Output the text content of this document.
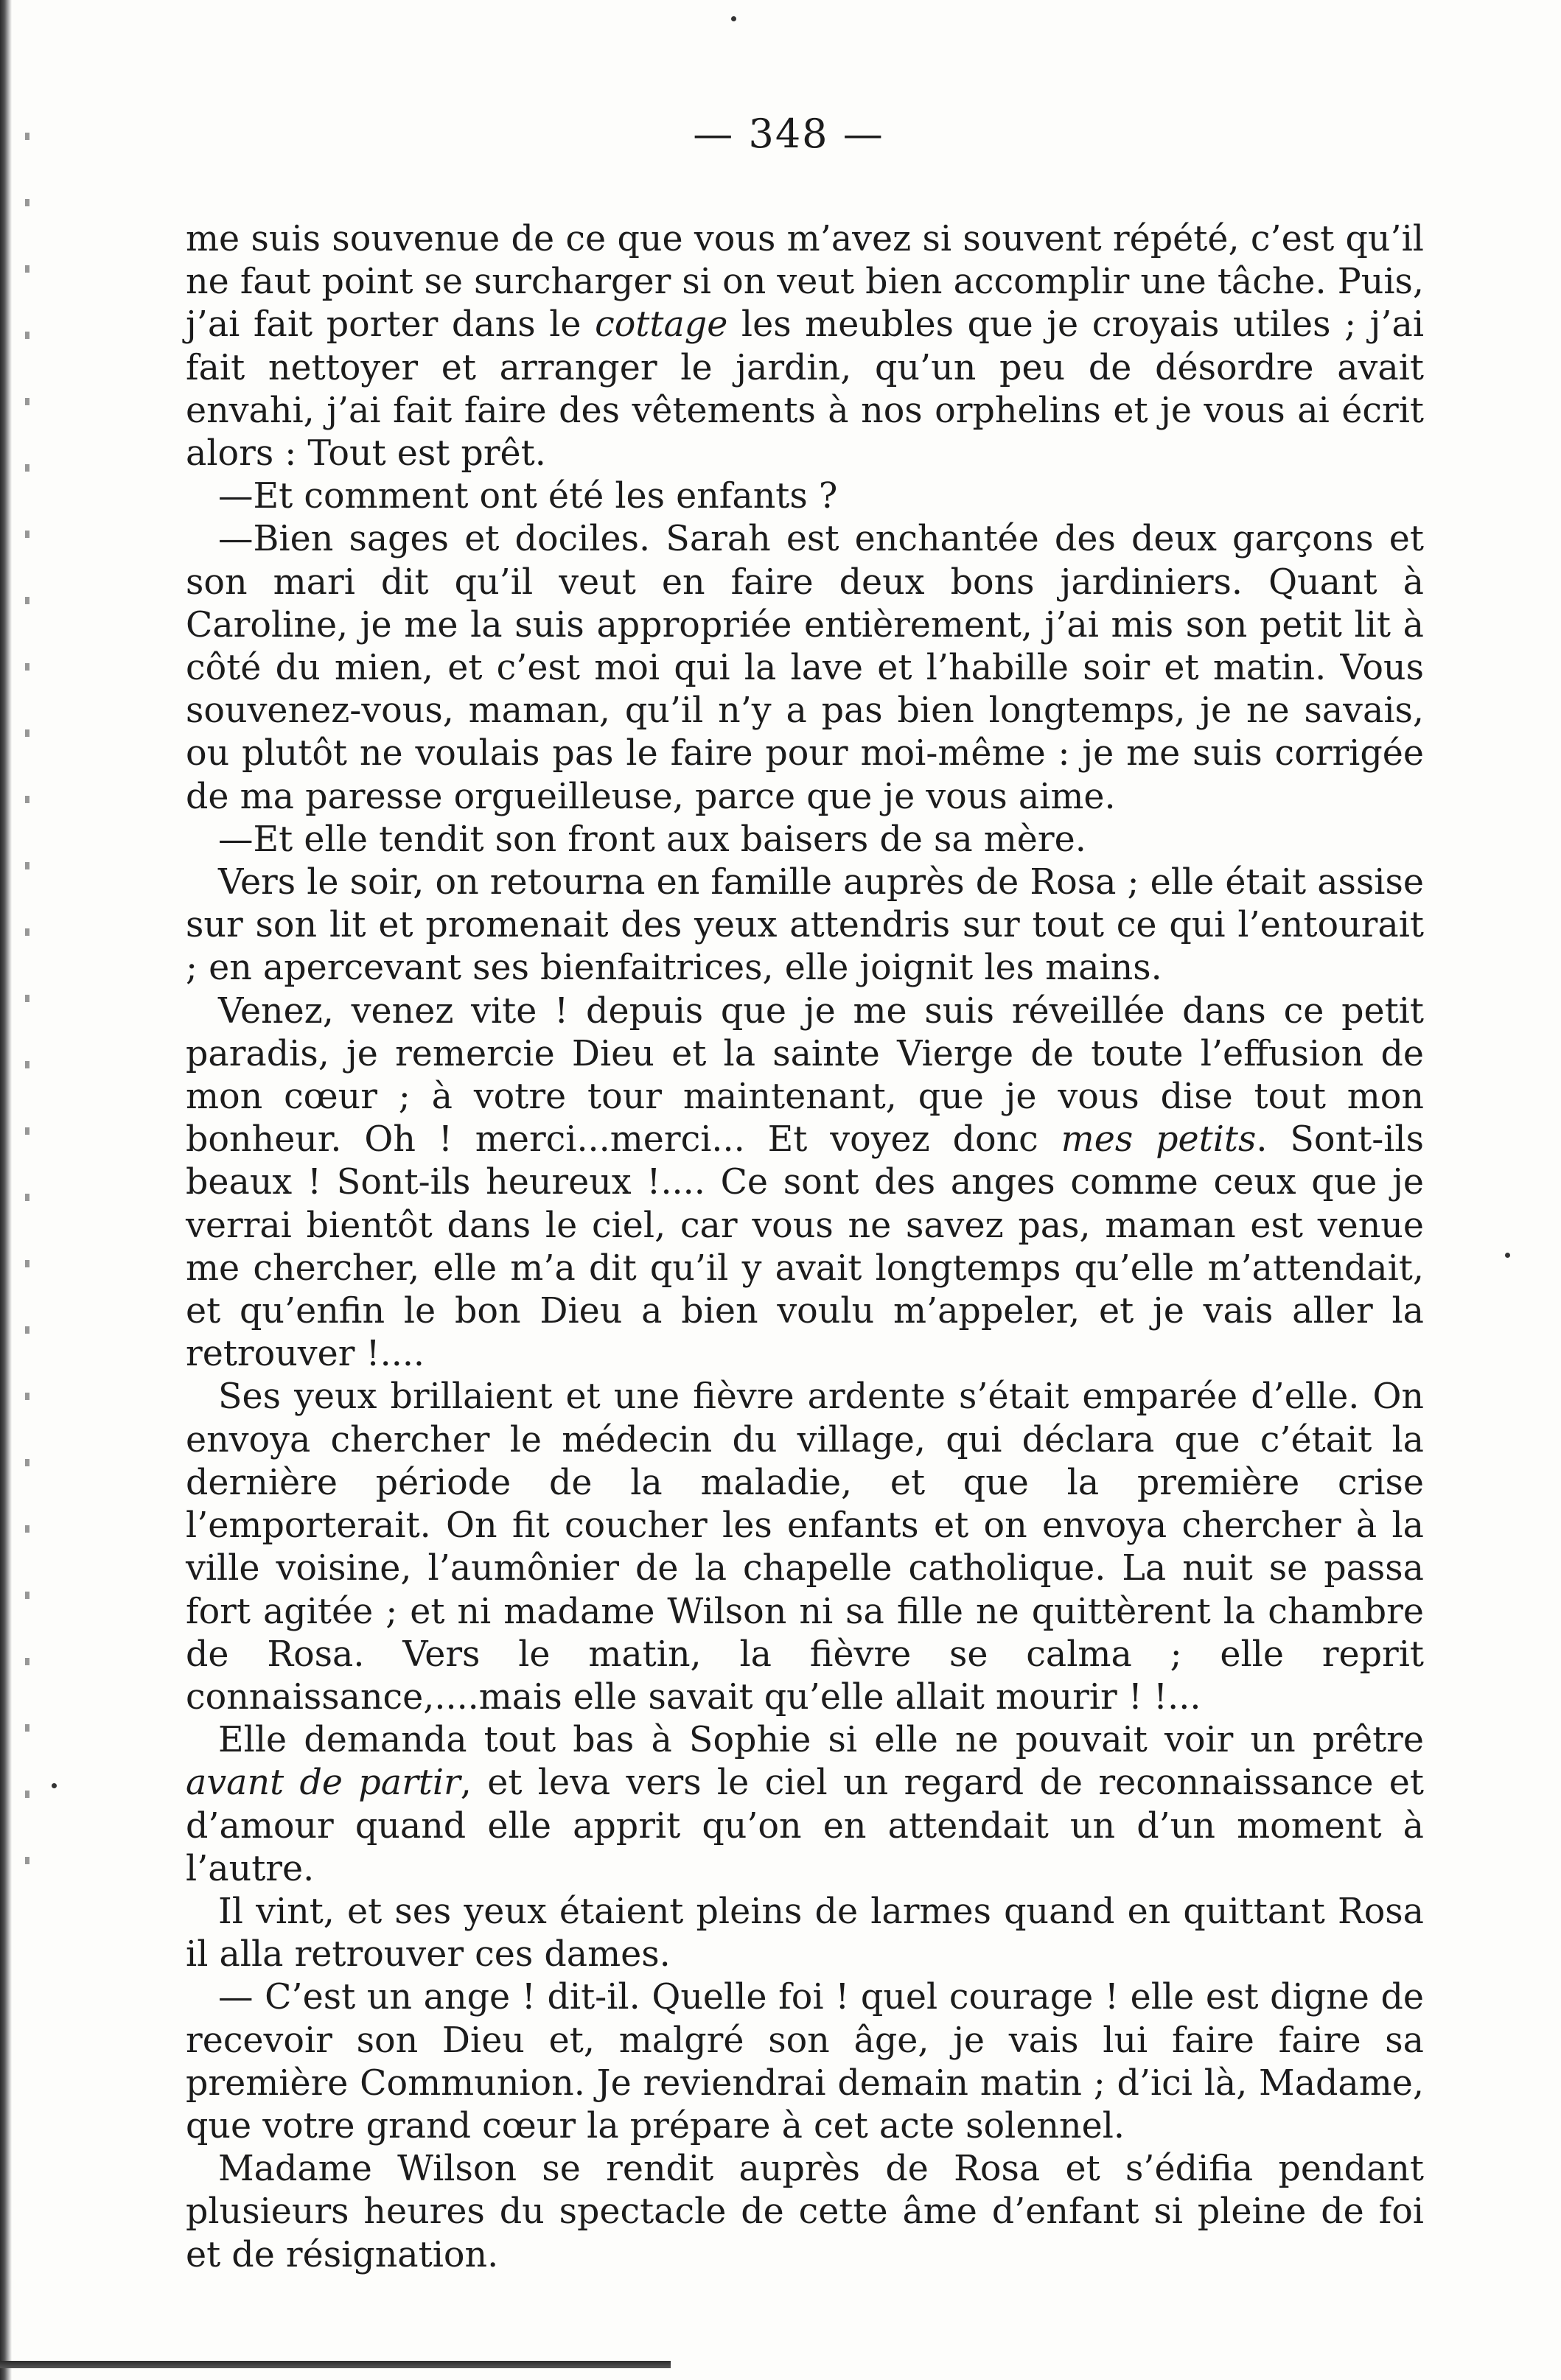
— 348 —

me suis souvenue de ce que vous m’avez si souvent répété, c’est qu’il ne faut point se surcharger si on veut bien accomplir une tâche. Puis, j’ai fait porter dans le cottage les meubles que je croyais utiles ; j’ai fait nettoyer et arranger le jardin, qu’un peu de désordre avait envahi, j’ai fait faire des vêtements à nos orphelins et je vous ai écrit alors : Tout est prêt.

—Et comment ont été les enfants ?

—Bien sages et dociles. Sarah est enchantée des deux garçons et son mari dit qu’il veut en faire deux bons jardiniers. Quant à Caroline, je me la suis appropriée entièrement, j’ai mis son petit lit à côté du mien, et c’est moi qui la lave et l’habille soir et matin. Vous souvenez-vous, maman, qu’il n’y a pas bien longtemps, je ne savais, ou plutôt ne voulais pas le faire pour moi-même : je me suis corrigée de ma paresse orgueilleuse, parce que je vous aime.

—Et elle tendit son front aux baisers de sa mère.

Vers le soir, on retourna en famille auprès de Rosa ; elle était assise sur son lit et promenait des yeux attendris sur tout ce qui l’entourait ; en apercevant ses bienfaitrices, elle joignit les mains.

Venez, venez vite ! depuis que je me suis réveillée dans ce petit paradis, je remercie Dieu et la sainte Vierge de toute l’effusion de mon cœur ; à votre tour maintenant, que je vous dise tout mon bonheur. Oh ! merci...merci... Et voyez donc mes petits. Sont-ils beaux ! Sont-ils heureux !.... Ce sont des anges comme ceux que je verrai bientôt dans le ciel, car vous ne savez pas, maman est venue me chercher, elle m’a dit qu’il y avait longtemps qu’elle m’attendait, et qu’enfin le bon Dieu a bien voulu m’appeler, et je vais aller la retrouver !....

Ses yeux brillaient et une fièvre ardente s’était emparée d’elle. On envoya chercher le médecin du village, qui déclara que c’était la dernière période de la maladie, et que la première crise l’emporterait. On fit coucher les enfants et on envoya chercher à la ville voisine, l’aumônier de la chapelle catholique. La nuit se passa fort agitée ; et ni madame Wilson ni sa fille ne quittèrent la chambre de Rosa. Vers le matin, la fièvre se calma ; elle reprit connaissance,....mais elle savait qu’elle allait mourir ! !...

Elle demanda tout bas à Sophie si elle ne pouvait voir un prêtre avant de partir, et leva vers le ciel un regard de reconnaissance et d’amour quand elle apprit qu’on en attendait un d’un moment à l’autre.

Il vint, et ses yeux étaient pleins de larmes quand en quittant Rosa il alla retrouver ces dames.

— C’est un ange ! dit-il. Quelle foi ! quel courage ! elle est digne de recevoir son Dieu et, malgré son âge, je vais lui faire faire sa première Communion. Je reviendrai demain matin ; d’ici là, Madame, que votre grand cœur la prépare à cet acte solennel.

Madame Wilson se rendit auprès de Rosa et s’édifia pendant plusieurs heures du spectacle de cette âme d’enfant si pleine de foi et de résignation.
